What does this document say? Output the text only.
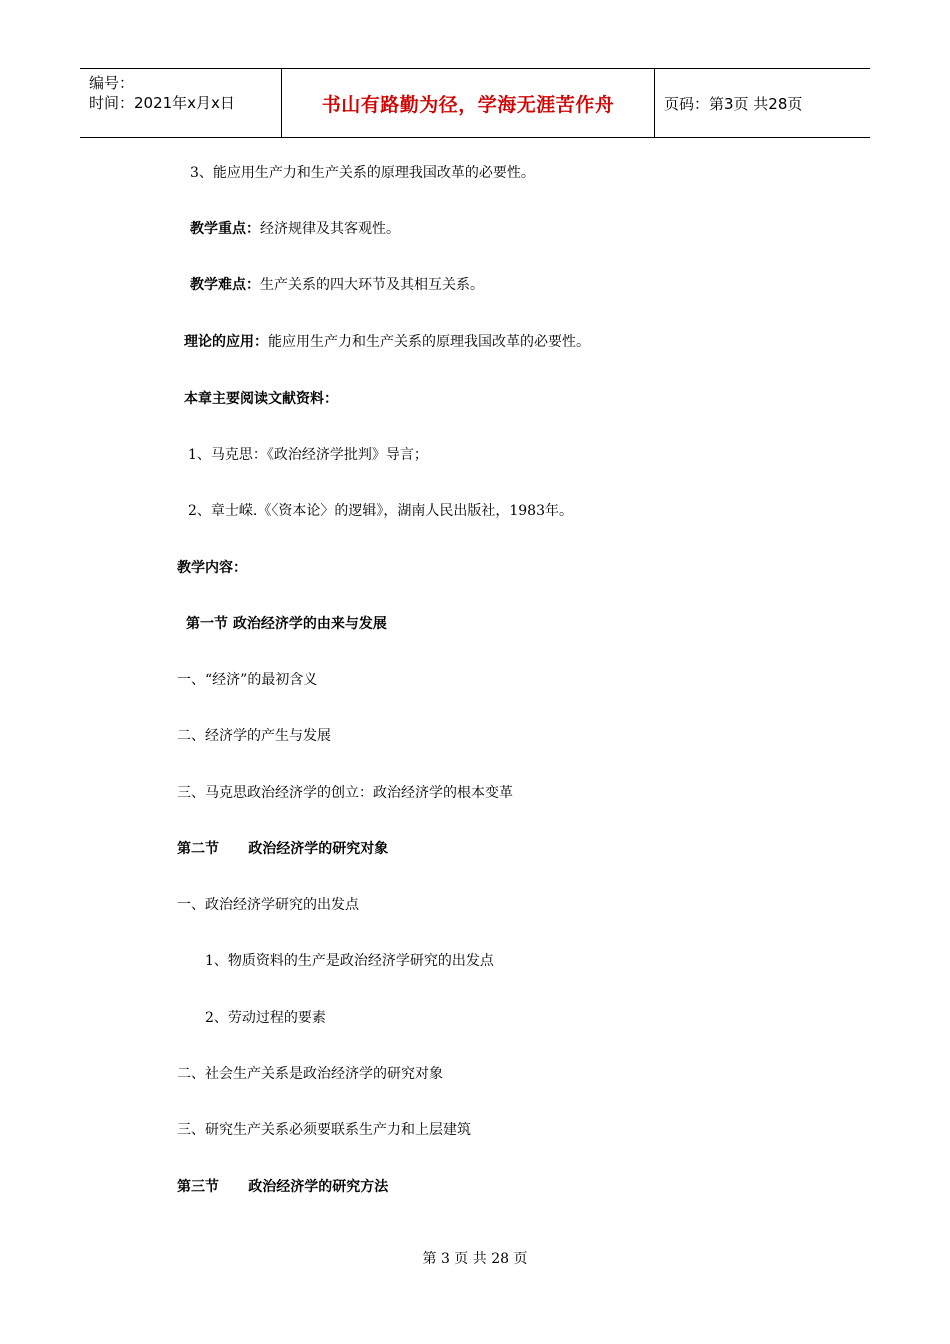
编号：
时间：2021年x月x日	书山有路勤为径，学海无涯苦作舟	页码：第3页 共28页
3、能应用生产力和生产关系的原理我国改革的必要性。
教学重点：经济规律及其客观性。
教学难点：生产关系的四大环节及其相互关系。
理论的应用：能应用生产力和生产关系的原理我国改革的必要性。
本章主要阅读文献资料：
1、马克思：《政治经济学批判》导言；
2、章士嵘.《〈资本论〉的逻辑》，湖南人民出版社，1983年。
教学内容：
第一节 政治经济学的由来与发展
一、“经济”的最初含义
二、经济学的产生与发展
三、马克思政治经济学的创立：政治经济学的根本变革
第二节      政治经济学的研究对象
一、政治经济学研究的出发点
1、物质资料的生产是政治经济学研究的出发点
2、劳动过程的要素
二、社会生产关系是政治经济学的研究对象
三、研究生产关系必须要联系生产力和上层建筑
第三节      政治经济学的研究方法
第 3 页 共 28 页
